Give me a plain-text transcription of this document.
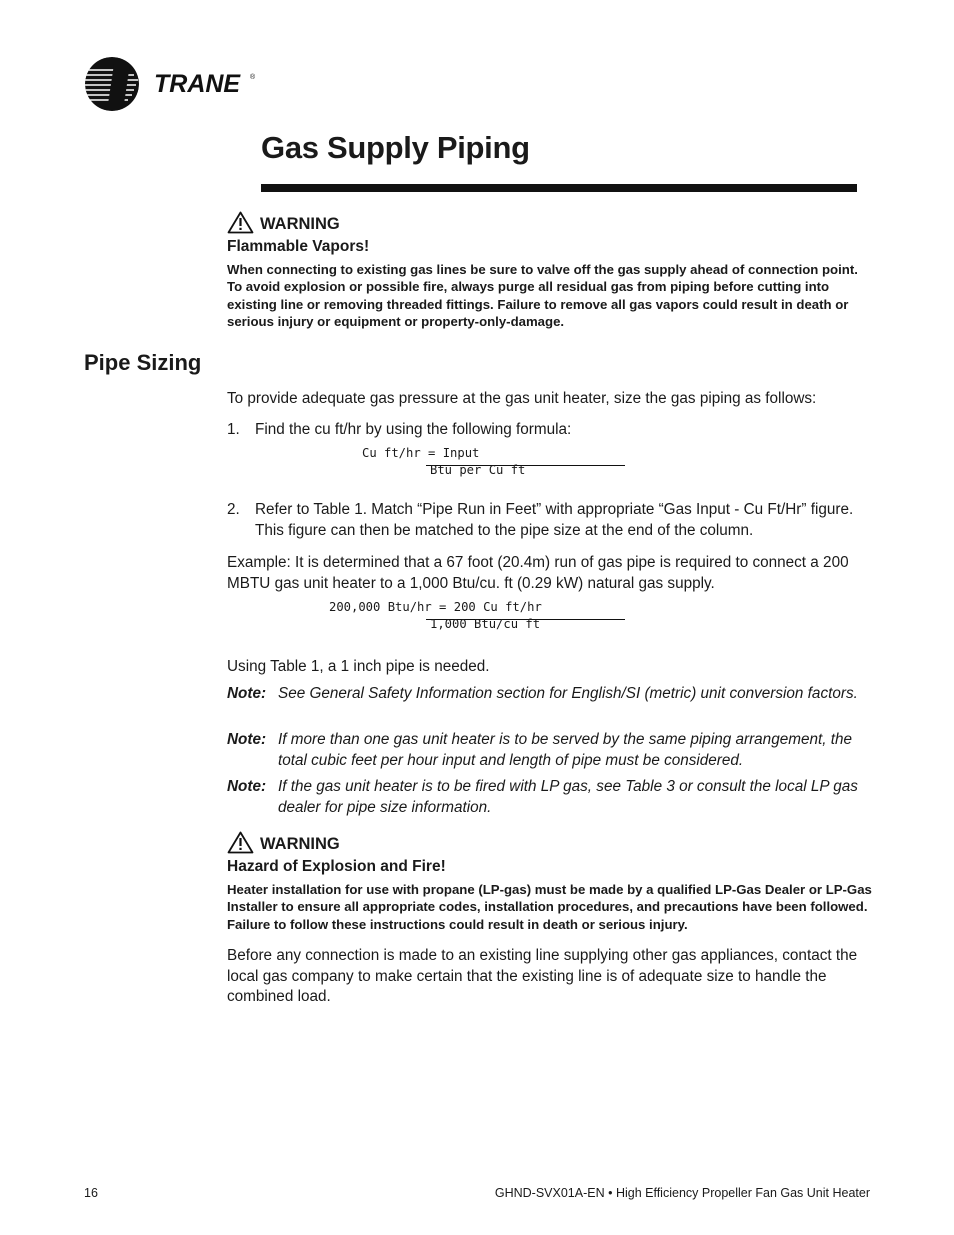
TRANE ®
Gas Supply Piping
WARNING
Flammable Vapors!
When connecting to existing gas lines be sure to valve off the gas supply ahead of connection point. To avoid explosion or possible fire, always purge all residual gas from piping before cutting into existing line or removing threaded fittings. Failure to remove all gas vapors could result in death or serious injury or equipment or property-only-damage.
Pipe Sizing
To provide adequate gas pressure at the gas unit heater, size the gas piping as follows:
1. Find the cu ft/hr by using the following formula:
Cu ft/hr = Input
Btu per Cu ft
2. Refer to Table 1. Match “Pipe Run in Feet” with appropriate “Gas Input - Cu Ft/Hr” figure. This figure can then be matched to the pipe size at the end of the column.
Example: It is determined that a 67 foot (20.4m) run of gas pipe is required to connect a 200 MBTU gas unit heater to a 1,000 Btu/cu. ft (0.29 kW) natural gas supply.
200,000 Btu/hr = 200 Cu ft/hr
1,000 Btu/cu ft
Using Table 1, a 1 inch pipe is needed.
Note: See General Safety Information section for English/SI (metric) unit conversion factors.
Note: If more than one gas unit heater is to be served by the same piping arrangement, the total cubic feet per hour input and length of pipe must be considered.
Note: If the gas unit heater is to be fired with LP gas, see Table 3 or consult the local LP gas dealer for pipe size information.
WARNING
Hazard of Explosion and Fire!
Heater installation for use with propane (LP-gas) must be made by a qualified LP-Gas Dealer or LP-Gas Installer to ensure all appropriate codes, installation procedures, and precautions have been followed. Failure to follow these instructions could result in death or serious injury.
Before any connection is made to an existing line supplying other gas appliances, contact the local gas company to make certain that the existing line is of adequate size to handle the combined load.
16	GHND-SVX01A-EN • High Efficiency Propeller Fan Gas Unit Heater
